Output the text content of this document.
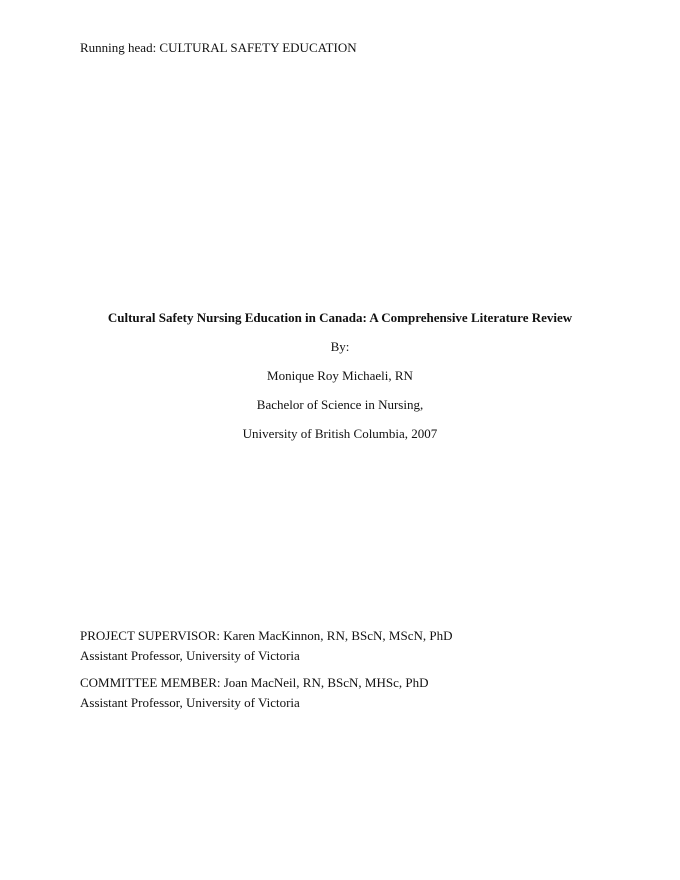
Running head: CULTURAL SAFETY EDUCATION
Cultural Safety Nursing Education in Canada: A Comprehensive Literature Review
By:
Monique Roy Michaeli, RN
Bachelor of Science in Nursing,
University of British Columbia, 2007
PROJECT SUPERVISOR: Karen MacKinnon, RN, BScN, MScN, PhD
Assistant Professor, University of Victoria
COMMITTEE MEMBER: Joan MacNeil, RN, BScN, MHSc, PhD
Assistant Professor, University of Victoria
